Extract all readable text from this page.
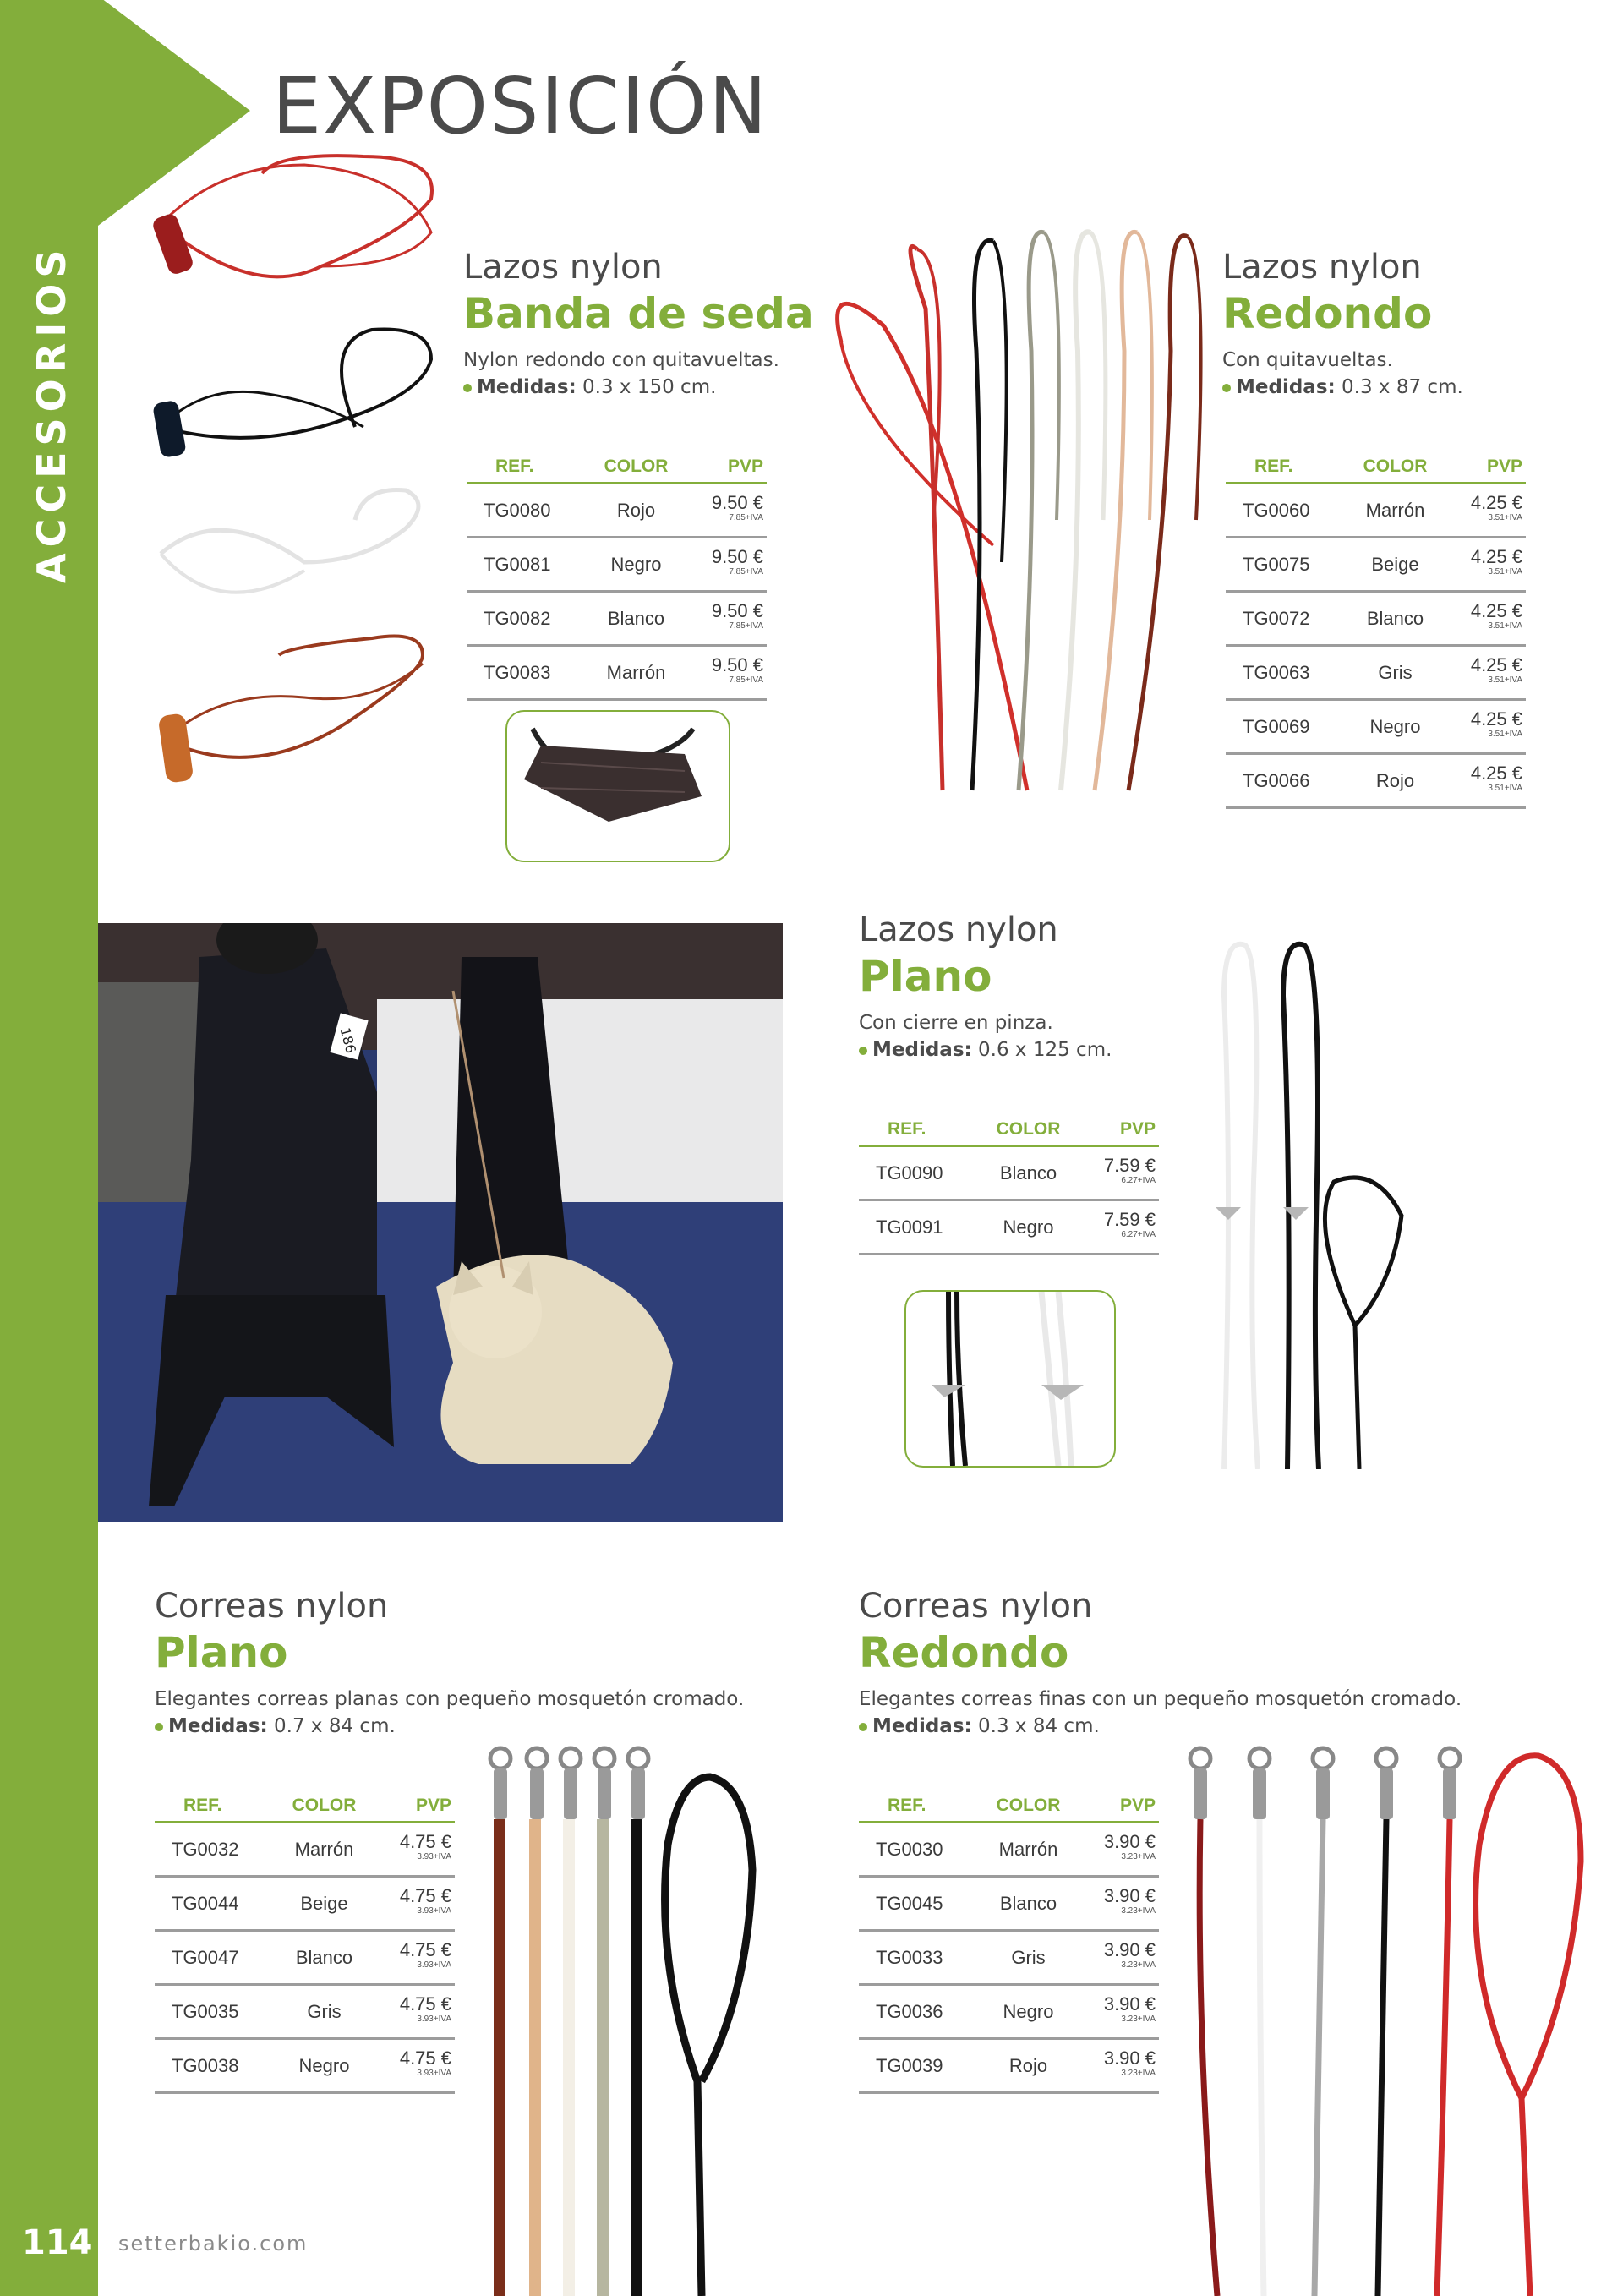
ACCESORIOS
114 setterbakio.com
EXPOSICIÓN
Lazos nylon
Banda de seda
Nylon redondo con quitavueltas.
Medidas: 0.3 x 150 cm.
REF.	COLOR	PVP
TG0080	Rojo	9.50 €
7.85+IVA

TG0081	Negro	9.50 €
7.85+IVA

TG0082	Blanco	9.50 €
7.85+IVA

TG0083	Marrón	9.50 €
7.85+IVA
Lazos nylon
Redondo
Con quitavueltas.
Medidas: 0.3 x 87 cm.
REF.	COLOR	PVP
TG0060	Marrón	4.25 €
3.51+IVA

TG0075	Beige	4.25 €
3.51+IVA

TG0072	Blanco	4.25 €
3.51+IVA

TG0063	Gris	4.25 €
3.51+IVA

TG0069	Negro	4.25 €
3.51+IVA

TG0066	Rojo	4.25 €
3.51+IVA
186
Lazos nylon
Plano
Con cierre en pinza.
Medidas: 0.6 x 125 cm.
REF.	COLOR	PVP
TG0090	Blanco	7.59 €
6.27+IVA

TG0091	Negro	7.59 €
6.27+IVA
Correas nylon
Plano
Elegantes correas planas con pequeño mosquetón cromado.
Medidas: 0.7 x 84 cm.
REF.	COLOR	PVP
TG0032	Marrón	4.75 €
3.93+IVA

TG0044	Beige	4.75 €
3.93+IVA

TG0047	Blanco	4.75 €
3.93+IVA

TG0035	Gris	4.75 €
3.93+IVA

TG0038	Negro	4.75 €
3.93+IVA
Correas nylon
Redondo
Elegantes correas finas con un pequeño mosquetón cromado.
Medidas: 0.3 x 84 cm.
REF.	COLOR	PVP
TG0030	Marrón	3.90 €
3.23+IVA

TG0045	Blanco	3.90 €
3.23+IVA

TG0033	Gris	3.90 €
3.23+IVA

TG0036	Negro	3.90 €
3.23+IVA

TG0039	Rojo	3.90 €
3.23+IVA
